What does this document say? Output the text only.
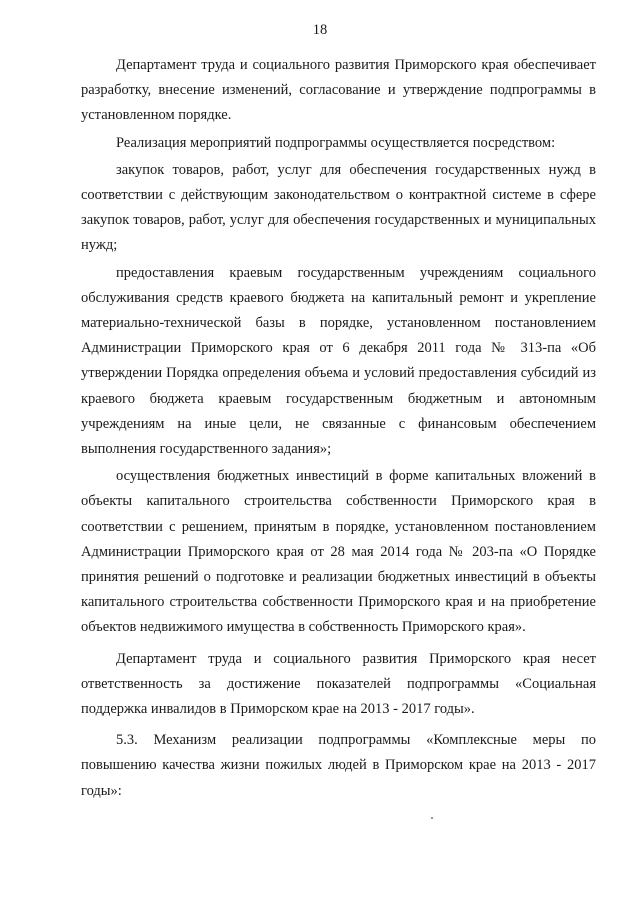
18

Департамент труда и социального развития Приморского края обеспечивает разработку, внесение изменений, согласование и утверждение подпрограммы в установленном порядке.

Реализация мероприятий подпрограммы осуществляется посредством:

закупок товаров, работ, услуг для обеспечения государственных нужд в соответствии с действующим законодательством о контрактной системе в сфере закупок товаров, работ, услуг для обеспечения государственных и муниципальных нужд;

предоставления краевым государственным учреждениям социального обслуживания средств краевого бюджета на капитальный ремонт и укрепление материально-технической базы в порядке, установленном постановлением Администрации Приморского края от 6 декабря 2011 года № 313-па «Об утверждении Порядка определения объема и условий предоставления субсидий из краевого бюджета краевым государственным бюджетным и автономным учреждениям на иные цели, не связанные с финансовым обеспечением выполнения государственного задания»;

осуществления бюджетных инвестиций в форме капитальных вложений в объекты капитального строительства собственности Приморского края в соответствии с решением, принятым в порядке, установленном постановлением Администрации Приморского края от 28 мая 2014 года № 203-па «О Порядке принятия решений о подготовке и реализации бюджетных инвестиций в объекты капитального строительства собственности Приморского края и на приобретение объектов недвижимого имущества в собственность Приморского края».

Департамент труда и социального развития Приморского края несет ответственность за достижение показателей подпрограммы «Социальная поддержка инвалидов в Приморском крае на 2013 - 2017 годы».

5.3. Механизм реализации подпрограммы «Комплексные меры по повышению качества жизни пожилых людей в Приморском крае на 2013 - 2017 годы»:
